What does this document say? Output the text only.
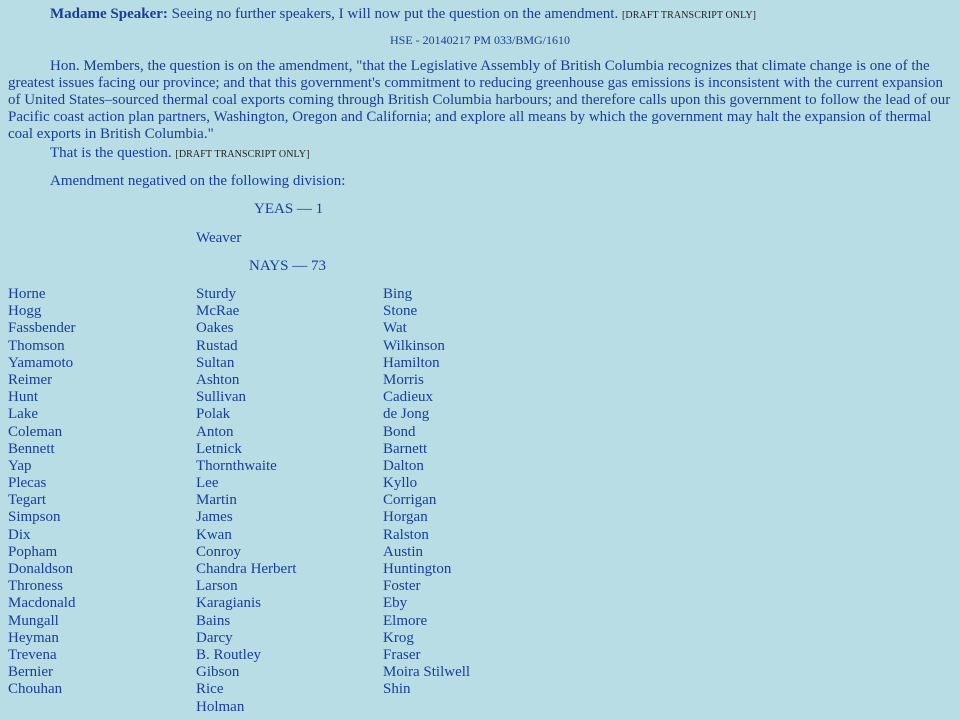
Madame Speaker: Seeing no further speakers, I will now put the question on the amendment. [DRAFT TRANSCRIPT ONLY]
HSE - 20140217 PM 033/BMG/1610
Hon. Members, the question is on the amendment, "that the Legislative Assembly of British Columbia recognizes that climate change is one of the greatest issues facing our province; and that this government's commitment to reducing greenhouse gas emissions is inconsistent with the current expansion of United States–sourced thermal coal exports coming through British Columbia harbours; and therefore calls upon this government to follow the lead of our Pacific coast action plan partners, Washington, Oregon and California; and explore all means by which the government may halt the expansion of thermal coal exports in British Columbia."
That is the question. [DRAFT TRANSCRIPT ONLY]
Amendment negatived on the following division:
YEAS — 1
Weaver
NAYS — 73
Horne
Hogg
Fassbender
Thomson
Yamamoto
Reimer
Hunt
Lake
Coleman
Bennett
Yap
Plecas
Tegart
Simpson
Dix
Popham
Donaldson
Throness
Macdonald
Mungall
Heyman
Trevena
Bernier
Chouhan
Sturdy
McRae
Oakes
Rustad
Sultan
Ashton
Sullivan
Polak
Anton
Letnick
Thornthwaite
Lee
Martin
James
Kwan
Conroy
Chandra Herbert
Larson
Karagianis
Bains
Darcy
B. Routley
Gibson
Rice
Holman
Bing
Stone
Wat
Wilkinson
Hamilton
Morris
Cadieux
de Jong
Bond
Barnett
Dalton
Kyllo
Corrigan
Horgan
Ralston
Austin
Huntington
Foster
Eby
Elmore
Krog
Fraser
Moira Stilwell
Shin
